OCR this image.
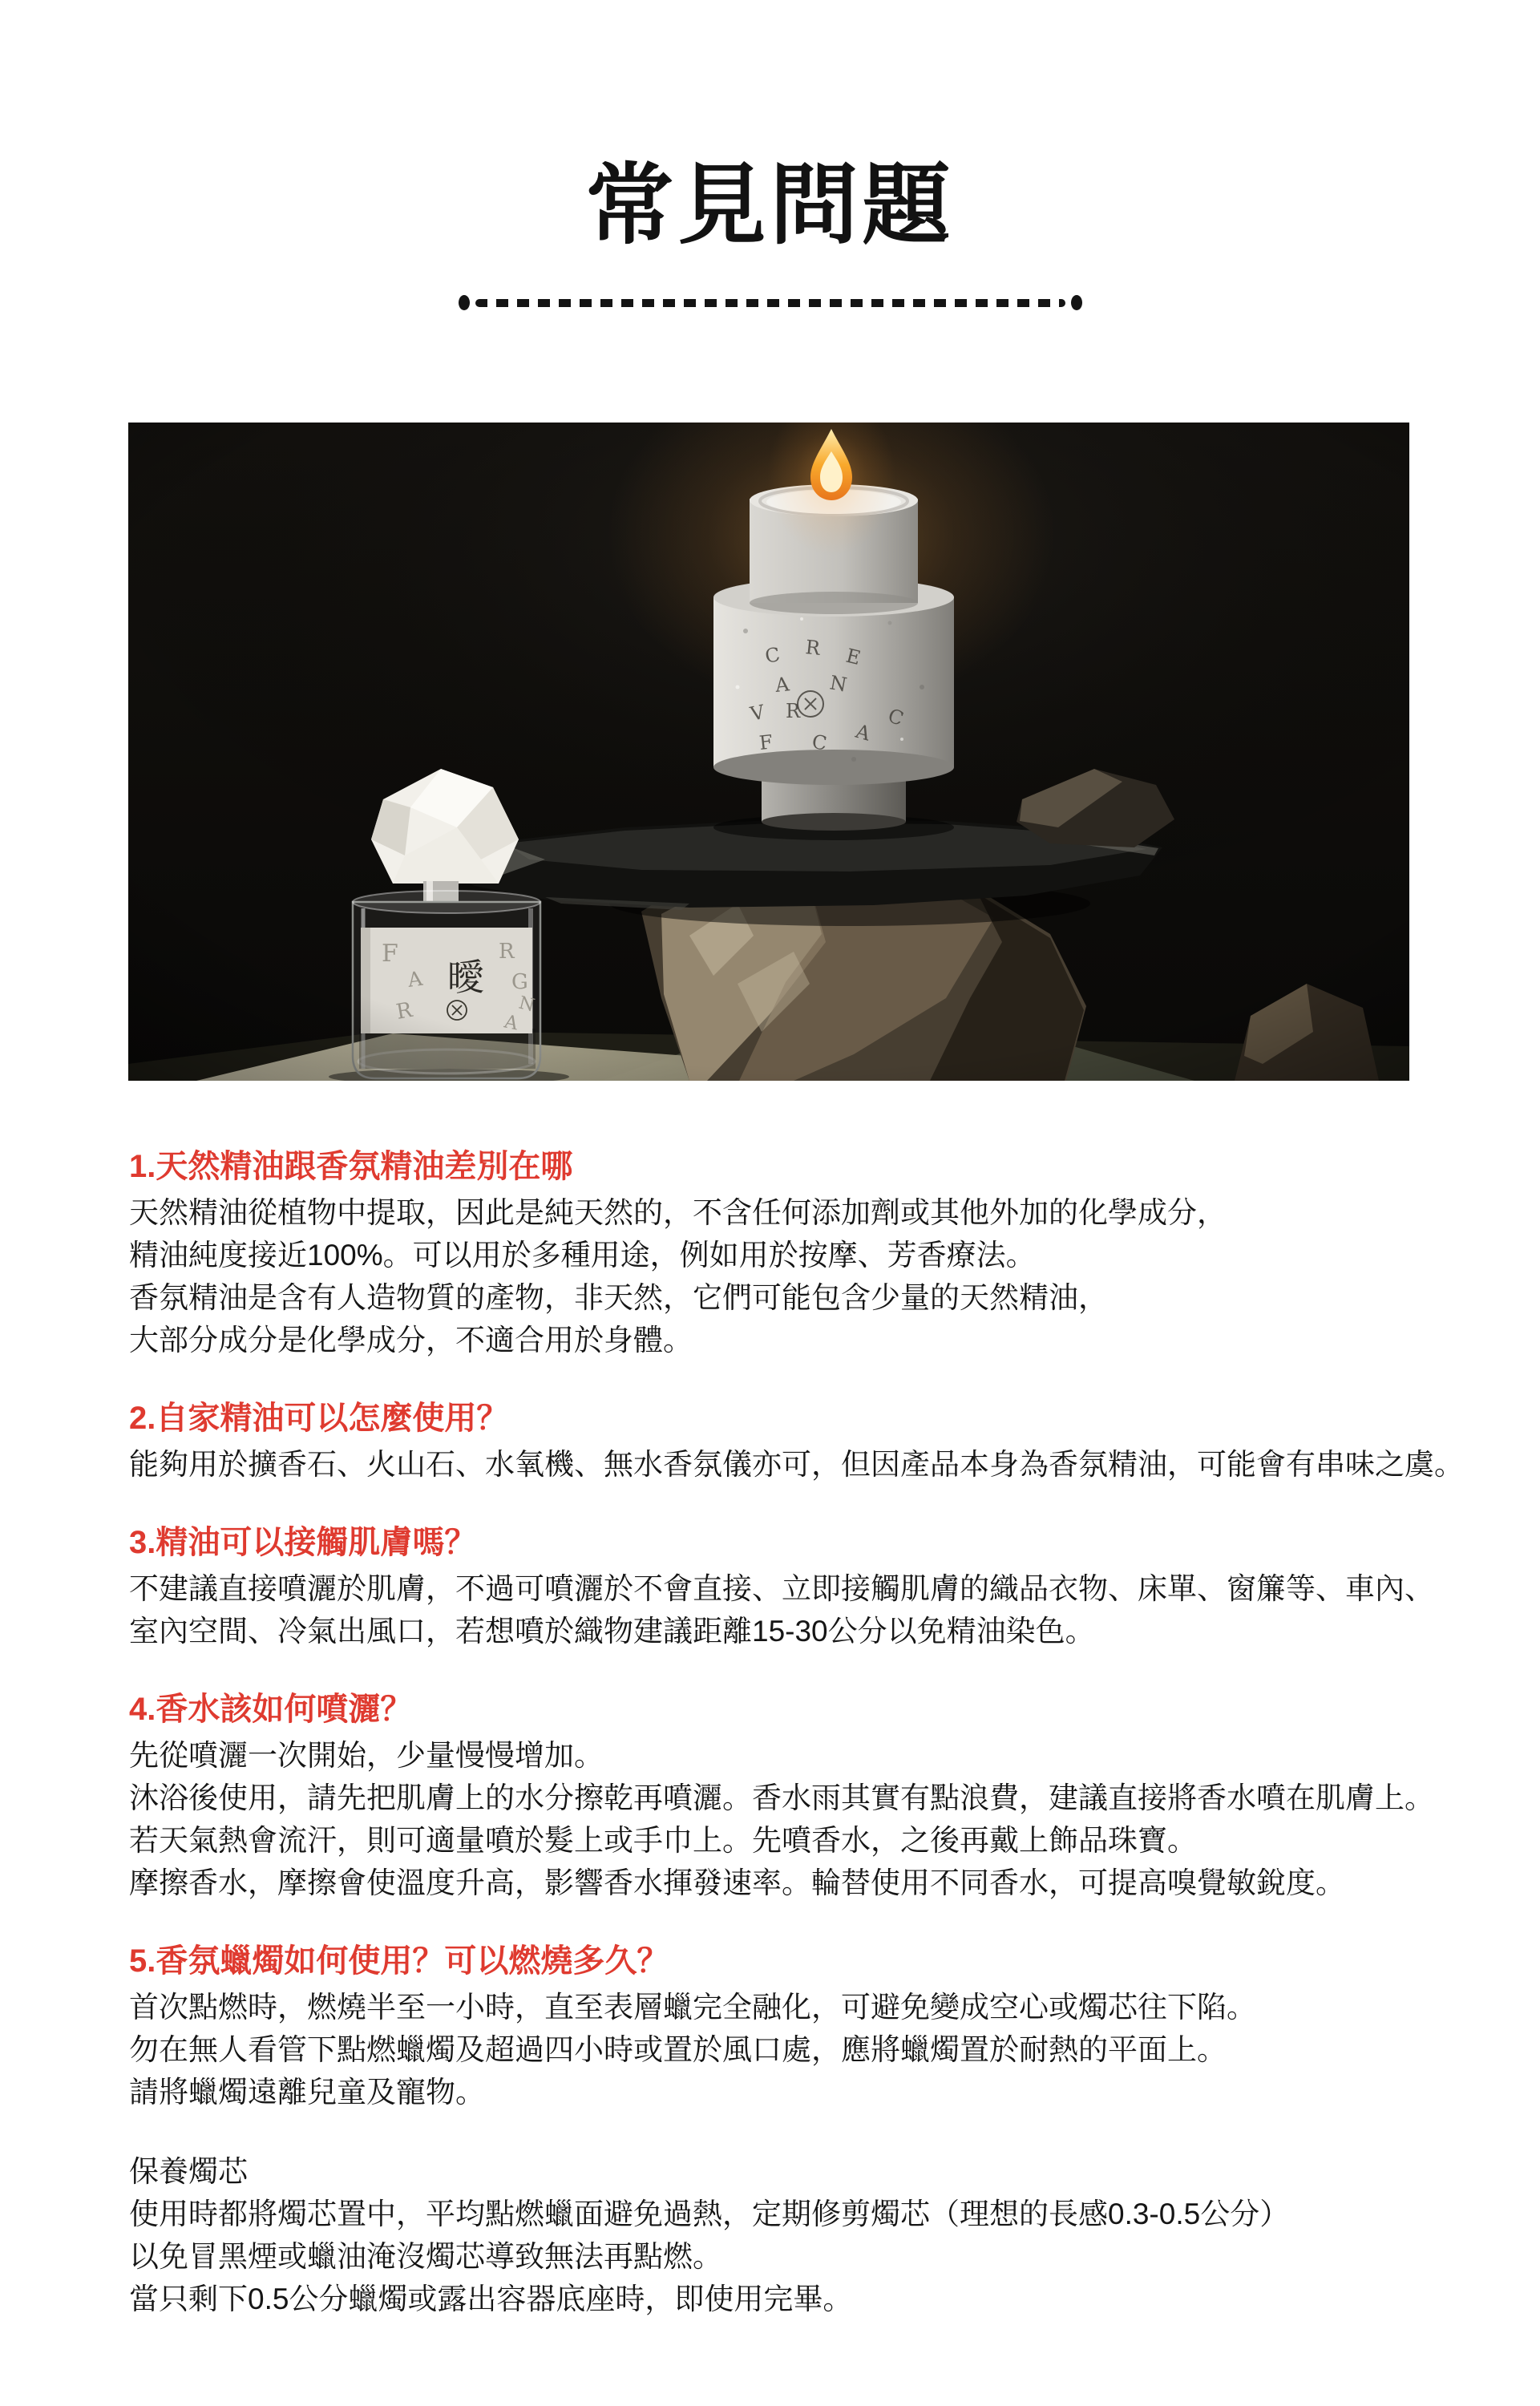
常見問題
1.天然精油跟香氛精油差別在哪
天然精油從植物中提取，因此是純天然的，不含任何添加劑或其他外加的化學成分，
精油純度接近100%。可以用於多種用途，例如用於按摩、芳香療法。
香氛精油是含有人造物質的產物，非天然，它們可能包含少量的天然精油，
大部分成分是化學成分，不適合用於身體。
2.自家精油可以怎麼使用？
能夠用於擴香石、火山石、水氧機、無水香氛儀亦可，但因產品本身為香氛精油，可能會有串味之虞。
3.精油可以接觸肌膚嗎？
不建議直接噴灑於肌膚，不過可噴灑於不會直接、立即接觸肌膚的織品衣物、床單、窗簾等、車內、
室內空間、冷氣出風口，若想噴於織物建議距離15-30公分以免精油染色。
4.香水該如何噴灑？
先從噴灑一次開始，少量慢慢增加。
沐浴後使用，請先把肌膚上的水分擦乾再噴灑。香水雨其實有點浪費，建議直接將香水噴在肌膚上。
若天氣熱會流汗，則可適量噴於髮上或手巾上。先噴香水，之後再戴上飾品珠寶。
摩擦香水，摩擦會使溫度升高，影響香水揮發速率。輪替使用不同香水，可提高嗅覺敏銳度。
5.香氛蠟燭如何使用？可以燃燒多久？
首次點燃時，燃燒半至一小時，直至表層蠟完全融化，可避免變成空心或燭芯往下陷。
勿在無人看管下點燃蠟燭及超過四小時或置於風口處，應將蠟燭置於耐熱的平面上。
請將蠟燭遠離兒童及寵物。
保養燭芯
使用時都將燭芯置中，平均點燃蠟面避免過熱，定期修剪燭芯（理想的長感0.3-0.5公分）
以免冒黑煙或蠟油淹沒燭芯導致無法再點燃。
當只剩下0.5公分蠟燭或露出容器底座時，即使用完畢。
